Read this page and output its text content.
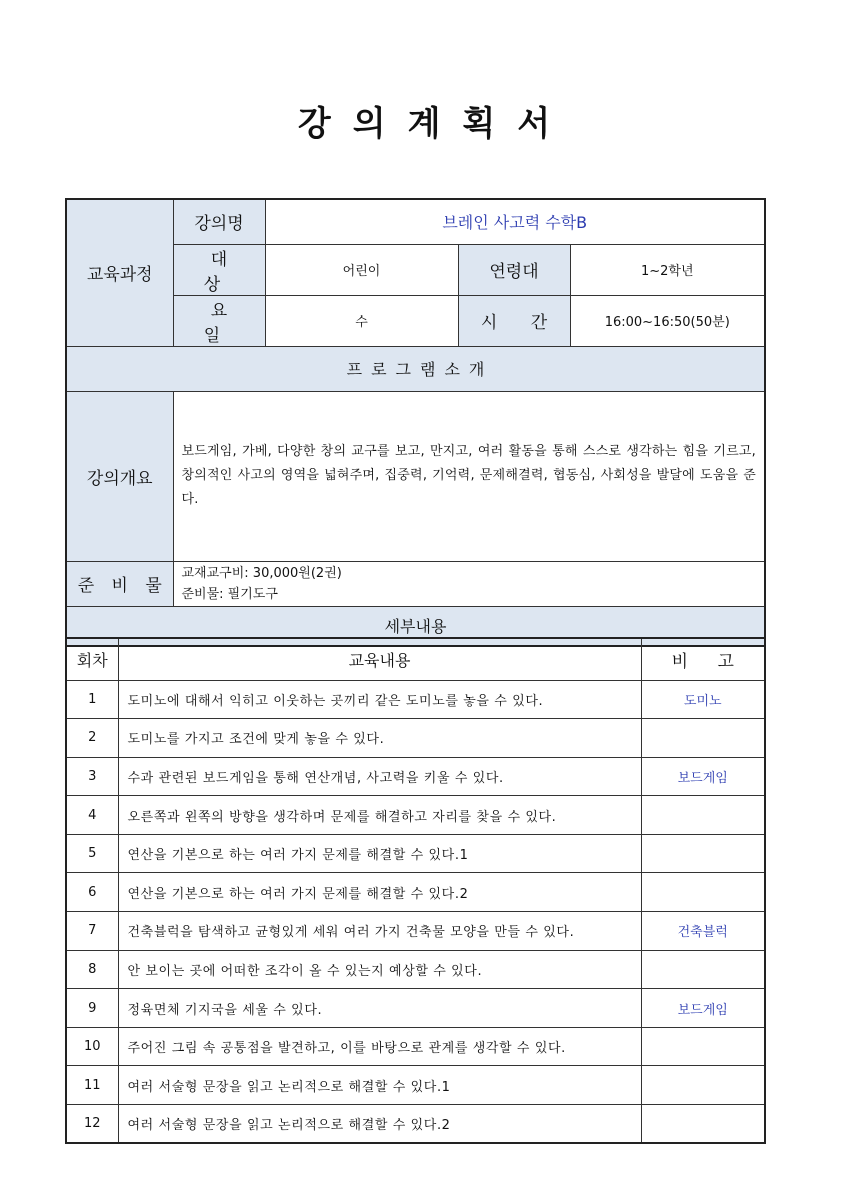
강의계획서
교육과정	강의명	브레인 사고력 수학B		
	대 상	어린이	연령대	1~2학년
	요 일	수	시 간	16:00~16:50(50분)
프로그램소개				
강의개요	보드게임, 가베, 다양한 창의 교구를 보고, 만지고, 여러 활동을 통해 스스로 생각하는 힘을 기르고, 창의적인 사고의 영역을 넓혀주며, 집중력, 기억력, 문제해결력, 협동심, 사회성을 발달에 도움을 준다.			
준 비 물	교재교구비: 30,000원(2권)
준비물: 필기도구			

세부내용				
회차	교육내용	비 고
1	도미노에 대해서 익히고 이웃하는 곳끼리 같은 도미노를 놓을 수 있다.	도미노
2	도미노를 가지고 조건에 맞게 놓을 수 있다.	
3	수과 관련된 보드게임을 통해 연산개념, 사고력을 키울 수 있다.	보드게임
4	오른쪽과 왼쪽의 방향을 생각하며 문제를 해결하고 자리를 찾을 수 있다.	
5	연산을 기본으로 하는 여러 가지 문제를 해결할 수 있다.1	
6	연산을 기본으로 하는 여러 가지 문제를 해결할 수 있다.2	
7	건축블럭을 탐색하고 균형있게 세워 여러 가지 건축물 모양을 만들 수 있다.	건축블럭
8	안 보이는 곳에 어떠한 조각이 올 수 있는지 예상할 수 있다.	
9	정육면체 기지국을 세울 수 있다.	보드게임
10	주어진 그림 속 공통점을 발견하고, 이를 바탕으로 관계를 생각할 수 있다.	
11	여러 서술형 문장을 읽고 논리적으로 해결할 수 있다.1	
12	여러 서술형 문장을 읽고 논리적으로 해결할 수 있다.2	
